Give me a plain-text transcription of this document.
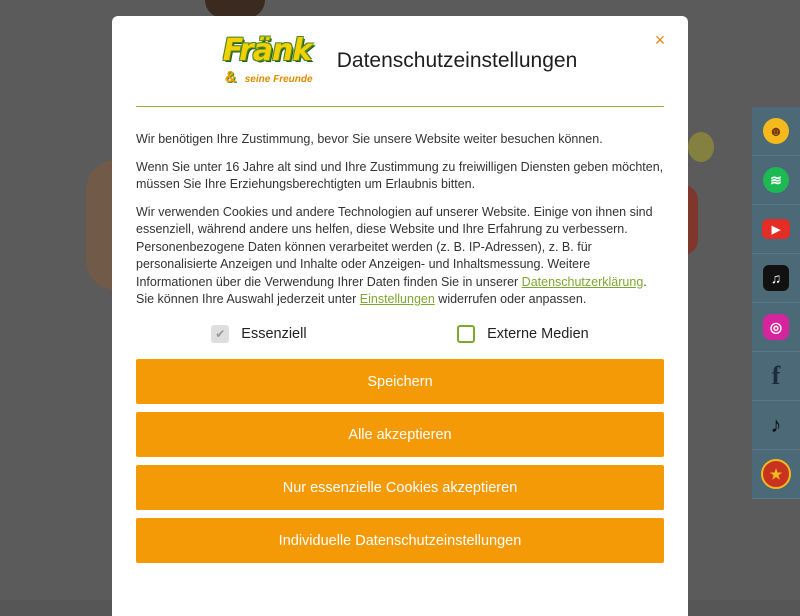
☻
≋
▶
♫
◎
f
♪
★
×
Fränk
& seine Freunde
Datenschutzeinstellungen

Wir benötigen Ihre Zustimmung, bevor Sie unsere Website weiter besuchen können.

Wenn Sie unter 16 Jahre alt sind und Ihre Zustimmung zu freiwilligen Diensten geben möchten, müssen Sie Ihre Erziehungsberechtigten um Erlaubnis bitten.

Wir verwenden Cookies und andere Technologien auf unserer Website. Einige von ihnen sind essenziell, während andere uns helfen, diese Website und Ihre Erfahrung zu verbessern. Personenbezogene Daten können verarbeitet werden (z. B. IP-Adressen), z. B. für personalisierte Anzeigen und Inhalte oder Anzeigen- und Inhaltsmessung. Weitere Informationen über die Verwendung Ihrer Daten finden Sie in unserer Datenschutzerklärung. Sie können Ihre Auswahl jederzeit unter Einstellungen widerrufen oder anpassen.

✔ Essenziell	Externe Medien
Speichern
Alle akzeptieren
Nur essenzielle Cookies akzeptieren
Individuelle Datenschutzeinstellungen
